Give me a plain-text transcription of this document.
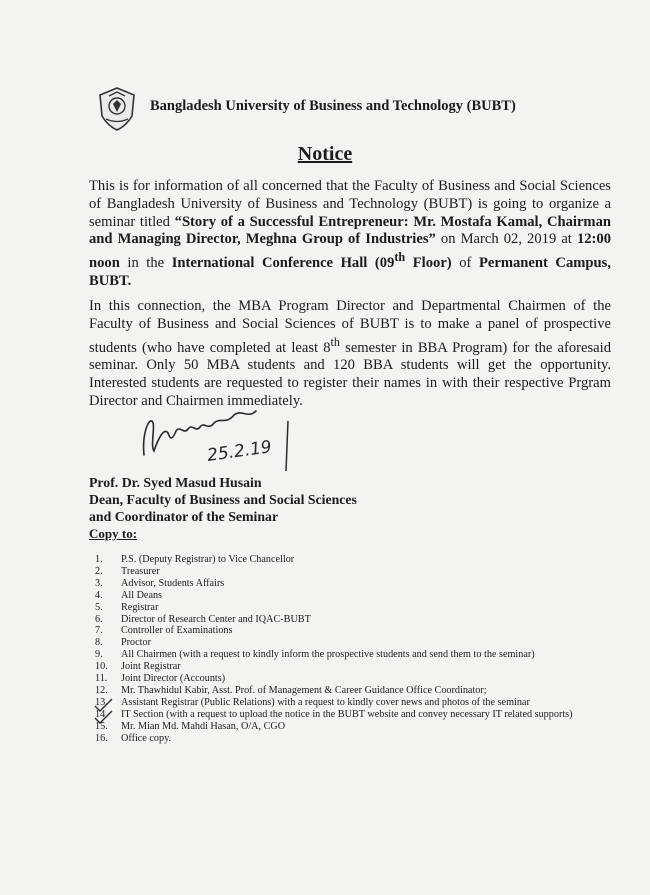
Bangladesh University of Business and Technology (BUBT)
Notice
This is for information of all concerned that the Faculty of Business and Social Sciences of Bangladesh University of Business and Technology (BUBT) is going to organize a seminar titled “Story of a Successful Entrepreneur: Mr. Mostafa Kamal, Chairman and Managing Director, Meghna Group of Industries” on March 02, 2019 at 12:00 noon in the International Conference Hall (09th Floor) of Permanent Campus, BUBT.
In this connection, the MBA Program Director and Departmental Chairmen of the Faculty of Business and Social Sciences of BUBT is to make a panel of prospective students (who have completed at least 8th semester in BBA Program) for the aforesaid seminar. Only 50 MBA students and 120 BBA students will get the opportunity. Interested students are requested to register their names in with their respective Prgram Director and Chairmen immediately.
25.2.19
Prof. Dr. Syed Masud Husain
Dean, Faculty of Business and Social Sciences
and Coordinator of the Seminar
Copy to:
1.	P.S. (Deputy Registrar) to Vice Chancellor
2.	Treasurer
3.	Advisor, Students Affairs
4.	All Deans
5.	Registrar
6.	Director of Research Center and IQAC-BUBT
7.	Controller of Examinations
8.	Proctor
9.	All Chairmen (with a request to kindly inform the prospective students and send them to the seminar)
10.	Joint Registrar
11.	Joint Director (Accounts)
12.	Mr. Thawhidul Kabir, Asst. Prof. of Management & Career Guidance Office Coordinator;
13.	Assistant Registrar (Public Relations) with a request to kindly cover news and photos of the seminar
14.	IT Section (with a request to upload the notice in the BUBT website and convey necessary IT related supports)
15.	Mr. Mian Md. Mahdi Hasan, O/A, CGO
16.	Office copy.
